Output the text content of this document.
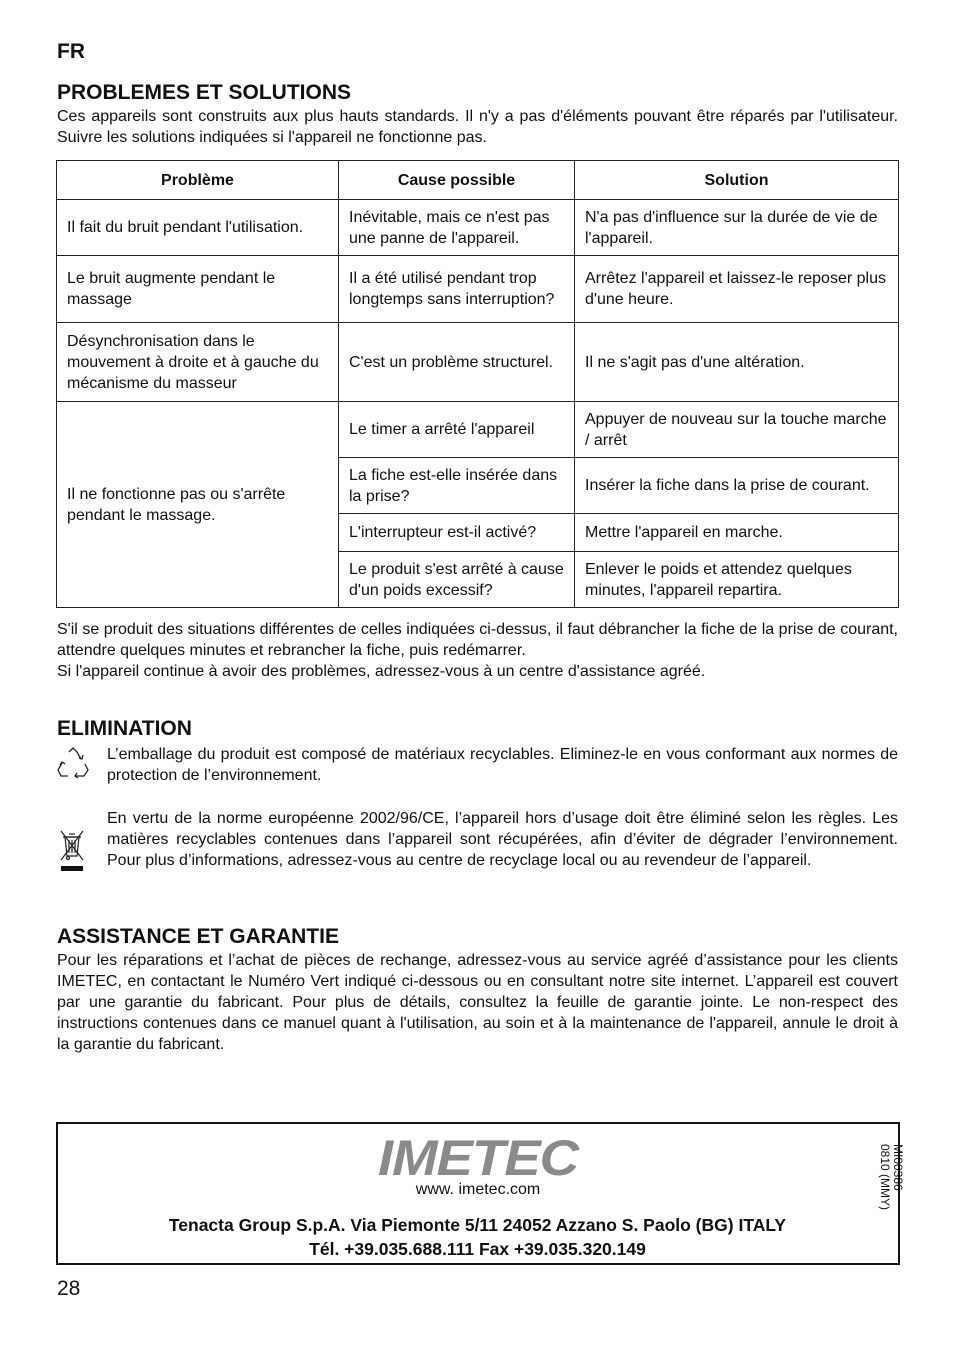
FR
PROBLEMES ET SOLUTIONS
Ces appareils sont construits aux plus hauts standards. Il n'y a pas d'éléments pouvant être réparés par l'utilisateur. Suivre les solutions indiquées si l'appareil ne fonctionne pas.
Problème	Cause possible	Solution
Il fait du bruit pendant l'utilisation.	Inévitable, mais ce n'est pas une panne de l'appareil.	N'a pas d'influence sur la durée de vie de l'appareil.
Le bruit augmente pendant le massage	Il a été utilisé pendant trop longtemps sans interruption?	Arrêtez l'appareil et laissez-le reposer plus d'une heure.
Désynchronisation dans le mouvement à droite et à gauche du mécanisme du masseur	C'est un problème structurel.	Il ne s'agit pas d'une altération.
Il ne fonctionne pas ou s'arrête pendant le massage.	Le timer a arrêté l'appareil	Appuyer de nouveau sur la touche marche / arrêt
	La fiche est-elle insérée dans la prise?	Insérer la fiche dans la prise de courant.
	L'interrupteur est-il activé?	Mettre l'appareil en marche.
	Le produit s'est arrêté à cause d'un poids excessif?	Enlever le poids et attendez quelques minutes, l'appareil repartira.
S'il se produit des situations différentes de celles indiquées ci-dessus, il faut débrancher la fiche de la prise de courant, attendre quelques minutes et rebrancher la fiche, puis redémarrer.
Si l'appareil continue à avoir des problèmes, adressez-vous à un centre d'assistance agréé.
ELIMINATION
L’emballage du produit est composé de matériaux recyclables. Eliminez-le en vous conformant aux normes de protection de l’environnement.
En vertu de la norme européenne 2002/96/CE, l’appareil hors d’usage doit être éliminé selon les règles. Les matières recyclables contenues dans l’appareil sont récupérées, afin d’éviter de dégrader l’environnement. Pour plus d’informations, adressez-vous au centre de recyclage local ou au revendeur de l’appareil.
ASSISTANCE ET GARANTIE
Pour les réparations et l’achat de pièces de rechange, adressez-vous au service agréé d’assistance pour les clients IMETEC, en contactant le Numéro Vert indiqué ci-dessous ou en consultant notre site internet. L’appareil est couvert par une garantie du fabricant. Pour plus de détails, consultez la feuille de garantie jointe. Le non-respect des instructions contenues dans ce manuel quant à l'utilisation, au soin et à la maintenance de l'appareil, annule le droit à la garantie du fabricant.
IMETEC
www. imetec.com
Tenacta Group S.p.A. Via Piemonte 5/11 24052 Azzano S. Paolo (BG) ITALY
Tél. +39.035.688.111 Fax +39.035.320.149
MI00386
0810 (MMY)
28
